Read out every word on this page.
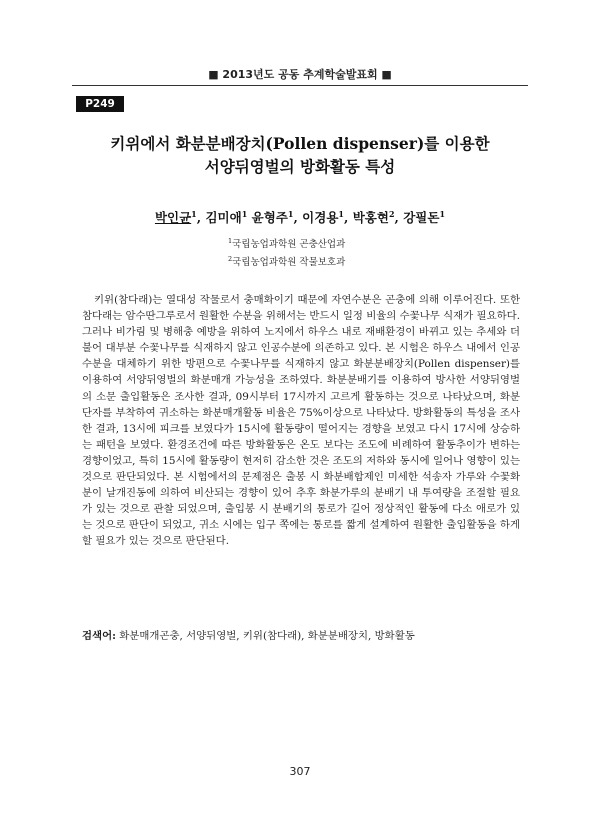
■ 2013년도 공동 추계학술발표회 ■
P249
키위에서 화분분배장치(Pollen dispenser)를 이용한
서양뒤영벌의 방화활동 특성
박인균$^1$, 김미애$^1$ 윤형주$^1$, 이경용$^1$, 박홍현$^2$, 강필돈$^1$
$^1$국립농업과학원 곤충산업과
$^2$국립농업과학원 작물보호과

키위(참다래)는 열대성 작물로서 충매화이기 때문에 자연수분은 곤충에 의해 이루어진다. 또한 참다래는 암수딴그루로서 원활한 수분을 위해서는 반드시 일정 비율의 수꽃나무 식재가 필요하다. 그러나 비가림 및 병해충 예방을 위하여 노지에서 하우스 내로 재배환경이 바뀌고 있는 추세와 더불어 대부분 수꽃나무를 식재하지 않고 인공수분에 의존하고 있다. 본 시험은 하우스 내에서 인공수분을 대체하기 위한 방편으로 수꽃나무를 식재하지 않고 화분분배장치(Pollen dispenser)를 이용하여 서양뒤영벌의 화분매개 가능성을 조하였다. 화분분배기를 이용하여 방사한 서양뒤영벌의 소문 출입활동은 조사한 결과, 09시부터 17시까지 고르게 활동하는 것으로 나타났으며, 화분단자를 부착하여 귀소하는 화분매개활동 비율은 75%이상으로 나타났다. 방화활동의 특성을 조사한 결과, 13시에 피크를 보였다가 15시에 활동량이 떨어지는 경향을 보였고 다시 17시에 상승하는 패턴을 보였다. 환경조건에 따른 방화활동은 온도 보다는 조도에 비례하여 활동추이가 변하는 경향이었고, 특히 15시에 활동량이 현저히 감소한 것은 조도의 저하와 동시에 일어나 영향이 있는 것으로 판단되었다. 본 시험에서의 문제점은 출봉 시 화분배합제인 미세한 석송자 가루와 수꽃화분이 날개진동에 의하여 비산되는 경향이 있어 추후 화분가루의 분배기 내 투여량을 조절할 필요가 있는 것으로 관찰 되었으며, 출입봉 시 분배기의 통로가 길어 정상적인 활동에 다소 애로가 있는 것으로 판단이 되었고, 귀소 시에는 입구 쪽에는 통로를 짧게 설계하여 원활한 출입활동을 하게 할 필요가 있는 것으로 판단된다.

검색어: 화분매개곤충, 서양뒤영벌, 키위(참다래), 화분분배장치, 방화활동
307
